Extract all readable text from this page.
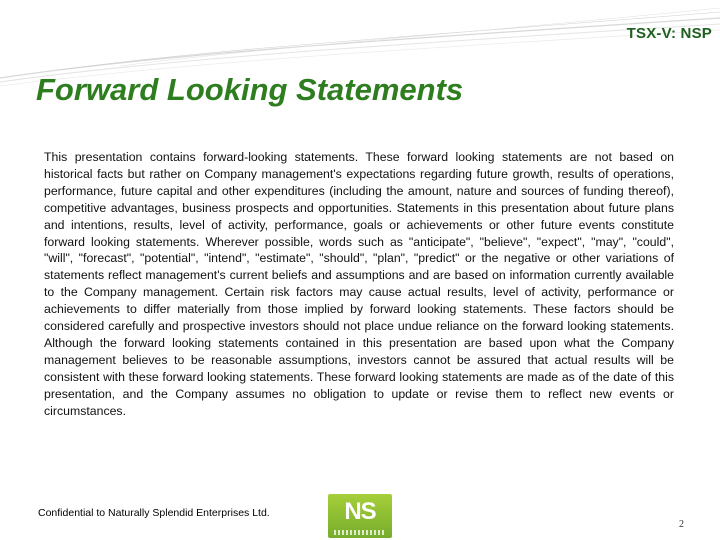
TSX-V: NSP
Forward Looking Statements

This presentation contains forward-looking statements. These forward looking statements are not based on historical facts but rather on Company management's expectations regarding future growth, results of operations, performance, future capital and other expenditures (including the amount, nature and sources of funding thereof), competitive advantages, business prospects and opportunities. Statements in this presentation about future plans and intentions, results, level of activity, performance, goals or achievements or other future events constitute forward looking statements. Wherever possible, words such as "anticipate", "believe", "expect", "may", "could", "will", "forecast", "potential", "intend", "estimate", "should", "plan", "predict" or the negative or other variations of statements reflect management's current beliefs and assumptions and are based on information currently available to the Company management. Certain risk factors may cause actual results, level of activity, performance or achievements to differ materially from those implied by forward looking statements. These factors should be considered carefully and prospective investors should not place undue reliance on the forward looking statements. Although the forward looking statements contained in this presentation are based upon what the Company management believes to be reasonable assumptions, investors cannot be assured that actual results will be consistent with these forward looking statements. These forward looking statements are made as of the date of this presentation, and the Company assumes no obligation to update or revise them to reflect new events or circumstances.

Confidential to Naturally Splendid Enterprises Ltd.	NS	2
